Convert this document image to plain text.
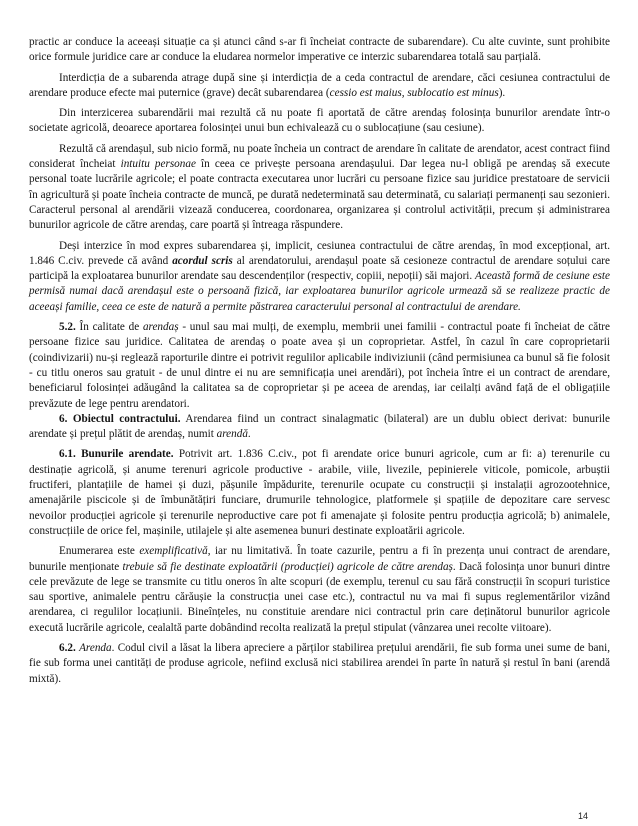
practic ar conduce la aceeași situație ca și atunci când s-ar fi încheiat contracte de subarendare). Cu alte cuvinte, sunt prohibite orice formule juridice care ar conduce la eludarea normelor imperative ce interzic subarendarea totală sau parțială.

Interdicția de a subarenda atrage după sine și interdicția de a ceda contractul de arendare, căci cesiunea contractului de arendare produce efecte mai puternice (grave) decât subarendarea (cessio est maius, sublocatio est minus).

Din interzicerea subarendării mai rezultă că nu poate fi aportată de către arendaș folosința bunurilor arendate într-o societate agricolă, deoarece aportarea folosinței unui bun echivalează cu o sublocațiune (sau cesiune).

Rezultă că arendașul, sub nicio formă, nu poate încheia un contract de arendare în calitate de arendator, acest contract fiind considerat încheiat intuitu personae în ceea ce privește persoana arendașului. Dar legea nu-l obligă pe arendaș să execute personal toate lucrările agricole; el poate contracta executarea unor lucrări cu persoane fizice sau juridice prestatoare de servicii în agricultură și poate încheia contracte de muncă, pe durată nedeterminată sau determinată, cu salariați permanenți sau sezonieri. Caracterul personal al arendării vizează conducerea, coordonarea, organizarea și controlul activității, precum și administrarea bunurilor agricole de către arendaș, care poartă și întreaga răspundere.

Deși interzice în mod expres subarendarea și, implicit, cesiunea contractului de către arendaș, în mod excepțional, art. 1.846 C.civ. prevede că având acordul scris al arendatorului, arendașul poate să cesioneze contractul de arendare soțului care participă la exploatarea bunurilor arendate sau descendenților (respectiv, copiii, nepoții) săi majori. Această formă de cesiune este permisă numai dacă arendașul este o persoană fizică, iar exploatarea bunurilor agricole urmează să se realizeze practic de aceeași familie, ceea ce este de natură a permite păstrarea caracterului personal al contractului de arendare.

5.2. În calitate de arendaș - unul sau mai mulți, de exemplu, membrii unei familii - contractul poate fi încheiat de către persoane fizice sau juridice. Calitatea de arendaș o poate avea și un coproprietar. Astfel, în cazul în care coproprietarii (coindivizarii) nu-și reglează raporturile dintre ei potrivit regulilor aplicabile indiviziunii (când permisiunea ca bunul să fie folosit - cu titlu oneros sau gratuit - de unul dintre ei nu are semnificația unei arendări), pot încheia între ei un contract de arendare, beneficiarul folosinței adăugând la calitatea sa de coproprietar și pe aceea de arendaș, iar ceilalți având față de el obligațiile prevăzute de lege pentru arendatori.

6. Obiectul contractului. Arendarea fiind un contract sinalagmatic (bilateral) are un dublu obiect derivat: bunurile arendate și prețul plătit de arendaș, numit arendă.

6.1. Bunurile arendate. Potrivit art. 1.836 C.civ., pot fi arendate orice bunuri agricole, cum ar fi: a) terenurile cu destinație agricolă, și anume terenuri agricole productive - arabile, viile, livezile, pepinierele viticole, pomicole, arbuștii fructiferi, plantațiile de hamei și duzi, pășunile împădurite, terenurile ocupate cu construcții și instalații agrozootehnice, amenajările piscicole și de îmbunătățiri funciare, drumurile tehnologice, platformele și spațiile de depozitare care servesc nevoilor producției agricole și terenurile neproductive care pot fi amenajate și folosite pentru producția agricolă; b) animalele, construcțiile de orice fel, mașinile, utilajele și alte asemenea bunuri destinate exploatării agricole.

Enumerarea este exemplificativă, iar nu limitativă. În toate cazurile, pentru a fi în prezența unui contract de arendare, bunurile menționate trebuie să fie destinate exploatării (producției) agricole de către arendaș. Dacă folosința unor bunuri dintre cele prevăzute de lege se transmite cu titlu oneros în alte scopuri (de exemplu, terenul cu sau fără construcții în scopuri turistice sau sportive, animalele pentru cărăușie la construcția unei case etc.), contractul nu va mai fi supus reglementărilor vizând arendarea, ci regulilor locațiunii. Bineînțeles, nu constituie arendare nici contractul prin care deținătorul bunurilor agricole execută lucrările agricole, cealaltă parte dobândind recolta realizată la prețul stipulat (vânzarea unei recolte viitoare).

6.2. Arenda. Codul civil a lăsat la libera apreciere a părților stabilirea prețului arendării, fie sub forma unei sume de bani, fie sub forma unei cantități de produse agricole, nefiind exclusă nici stabilirea arendei în parte în natură și restul în bani (arendă mixtă).

14
